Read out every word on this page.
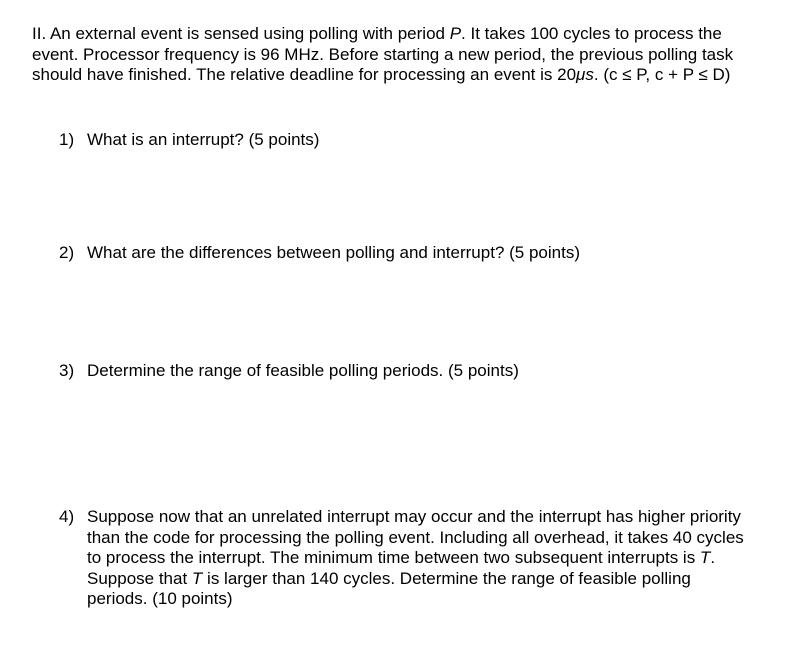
II. An external event is sensed using polling with period P. It takes 100 cycles to process the event. Processor frequency is 96 MHz. Before starting a new period, the previous polling task should have finished. The relative deadline for processing an event is 20μs. (c ≤ P, c + P ≤ D)

1) What is an interrupt? (5 points)
2) What are the differences between polling and interrupt? (5 points)
3) Determine the range of feasible polling periods. (5 points)
4) Suppose now that an unrelated interrupt may occur and the interrupt has higher priority than the code for processing the polling event. Including all overhead, it takes 40 cycles to process the interrupt. The minimum time between two subsequent interrupts is T. Suppose that T is larger than 140 cycles. Determine the range of feasible polling periods. (10 points)
